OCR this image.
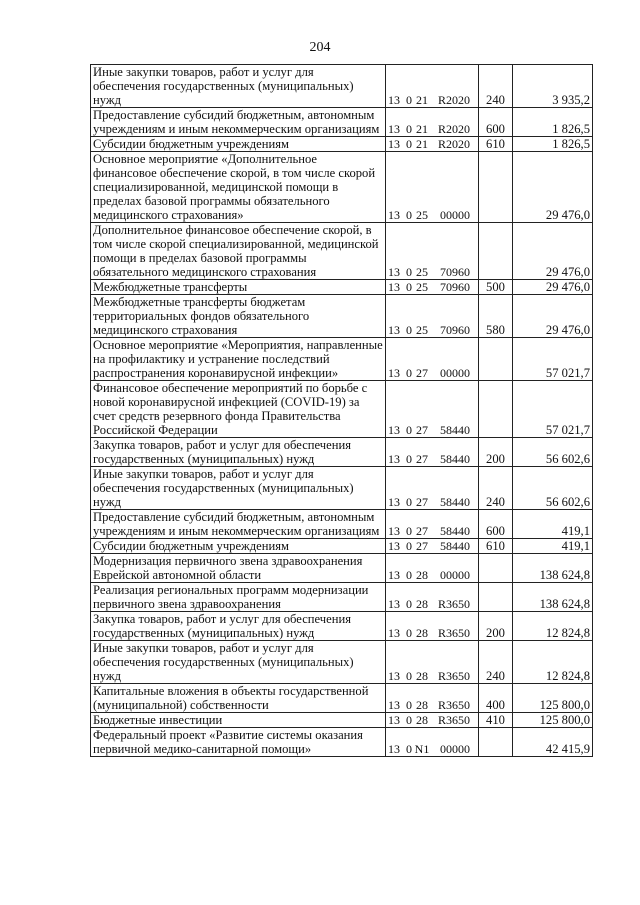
204
Иные закупки товаров, работ и услуг для обеспечения государственных (муниципальных) нужд	13 0 21 R2020	240	3 935,2
Предоставление субсидий бюджетным, автономным учреждениям и иным некоммерческим организациям	13 0 21 R2020	600	1 826,5
Субсидии бюджетным учреждениям	13 0 21 R2020	610	1 826,5
Основное мероприятие «Дополнительное финансовое обеспечение скорой, в том числе скорой специализированной, медицинской помощи в пределах базовой программы обязательного медицинского страхования»	13 0 25 00000		29 476,0
Дополнительное финансовое обеспечение скорой, в том числе скорой специализированной, медицинской помощи в пределах базовой программы обязательного медицинского страхования	13 0 25 70960		29 476,0
Межбюджетные трансферты	13 0 25 70960	500	29 476,0
Межбюджетные трансферты бюджетам территориальных фондов обязательного медицинского страхования	13 0 25 70960	580	29 476,0
Основное мероприятие «Мероприятия, направленные на профилактику и устранение последствий распространения коронавирусной инфекции»	13 0 27 00000		57 021,7
Финансовое обеспечение мероприятий по борьбе с новой коронавирусной инфекцией (COVID-19) за счет средств резервного фонда Правительства Российской Федерации	13 0 27 58440		57 021,7
Закупка товаров, работ и услуг для обеспечения государственных (муниципальных) нужд	13 0 27 58440	200	56 602,6
Иные закупки товаров, работ и услуг для обеспечения государственных (муниципальных) нужд	13 0 27 58440	240	56 602,6
Предоставление субсидий бюджетным, автономным учреждениям и иным некоммерческим организациям	13 0 27 58440	600	419,1
Субсидии бюджетным учреждениям	13 0 27 58440	610	419,1
Модернизация первичного звена здравоохранения Еврейской автономной области	13 0 28 00000		138 624,8
Реализация региональных программ модернизации первичного звена здравоохранения	13 0 28 R3650		138 624,8
Закупка товаров, работ и услуг для обеспечения государственных (муниципальных) нужд	13 0 28 R3650	200	12 824,8
Иные закупки товаров, работ и услуг для обеспечения государственных (муниципальных) нужд	13 0 28 R3650	240	12 824,8
Капитальные вложения в объекты государственной (муниципальной) собственности	13 0 28 R3650	400	125 800,0
Бюджетные инвестиции	13 0 28 R3650	410	125 800,0
Федеральный проект «Развитие системы оказания первичной медико-санитарной помощи»	13 0 N1 00000		42 415,9
